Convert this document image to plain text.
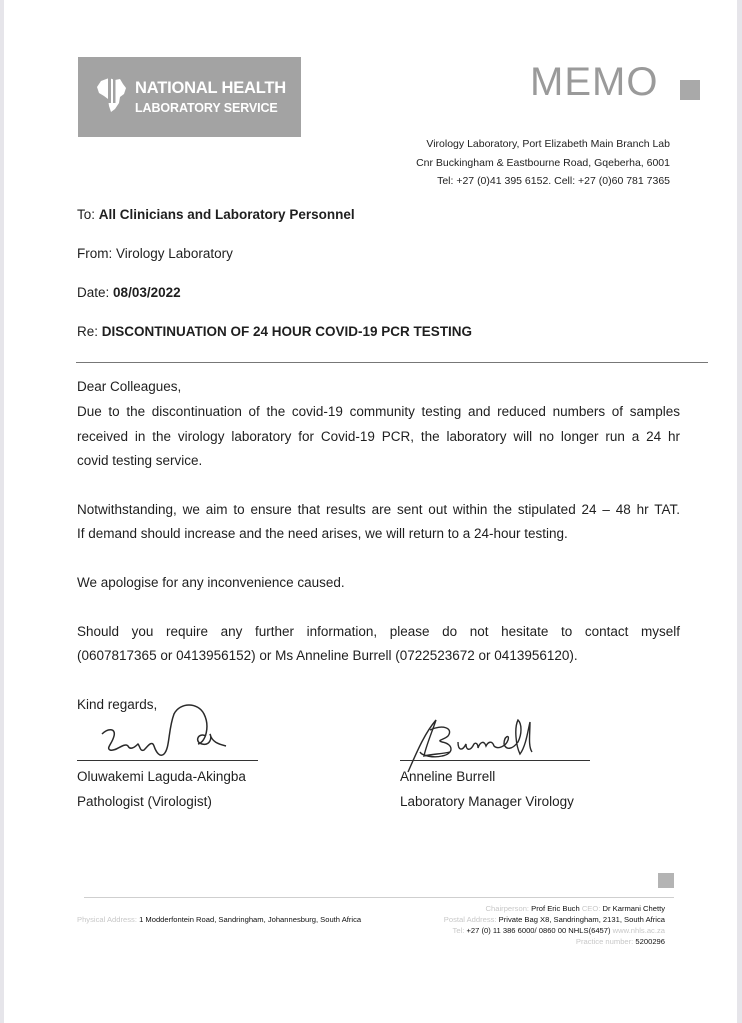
NATIONAL HEALTH
LABORATORY SERVICE
MEMO
Virology Laboratory, Port Elizabeth Main Branch Lab
Cnr Buckingham & Eastbourne Road, Gqeberha, 6001
Tel: +27 (0)41 395 6152. Cell: +27 (0)60 781 7365
To: All Clinicians and Laboratory Personnel
From: Virology Laboratory
Date: 08/03/2022
Re: DISCONTINUATION OF 24 HOUR COVID-19 PCR TESTING
Dear Colleagues,
Due to the discontinuation of the covid-19 community testing and reduced numbers of samples
received in the virology laboratory for Covid-19 PCR, the laboratory will no longer run a 24 hr
covid testing service.
Notwithstanding, we aim to ensure that results are sent out within the stipulated 24 – 48 hr TAT.
If demand should increase and the need arises, we will return to a 24-hour testing.
We apologise for any inconvenience caused.
Should you require any further information, please do not hesitate to contact myself
(0607817365 or 0413956152) or Ms Anneline Burrell (0722523672 or 0413956120).
Kind regards,
Oluwakemi Laguda-Akingba
Pathologist (Virologist)
Anneline Burrell
Laboratory Manager Virology
Chairperson: Prof Eric Buch CEO: Dr Karmani Chetty
Physical Address: 1 Modderfontein Road, Sandringham, Johannesburg, South Africa	Postal Address: Private Bag X8, Sandringham, 2131, South Africa
Tel: +27 (0) 11 386 6000/ 0860 00 NHLS(6457) www.nhls.ac.za
Practice number: 5200296
